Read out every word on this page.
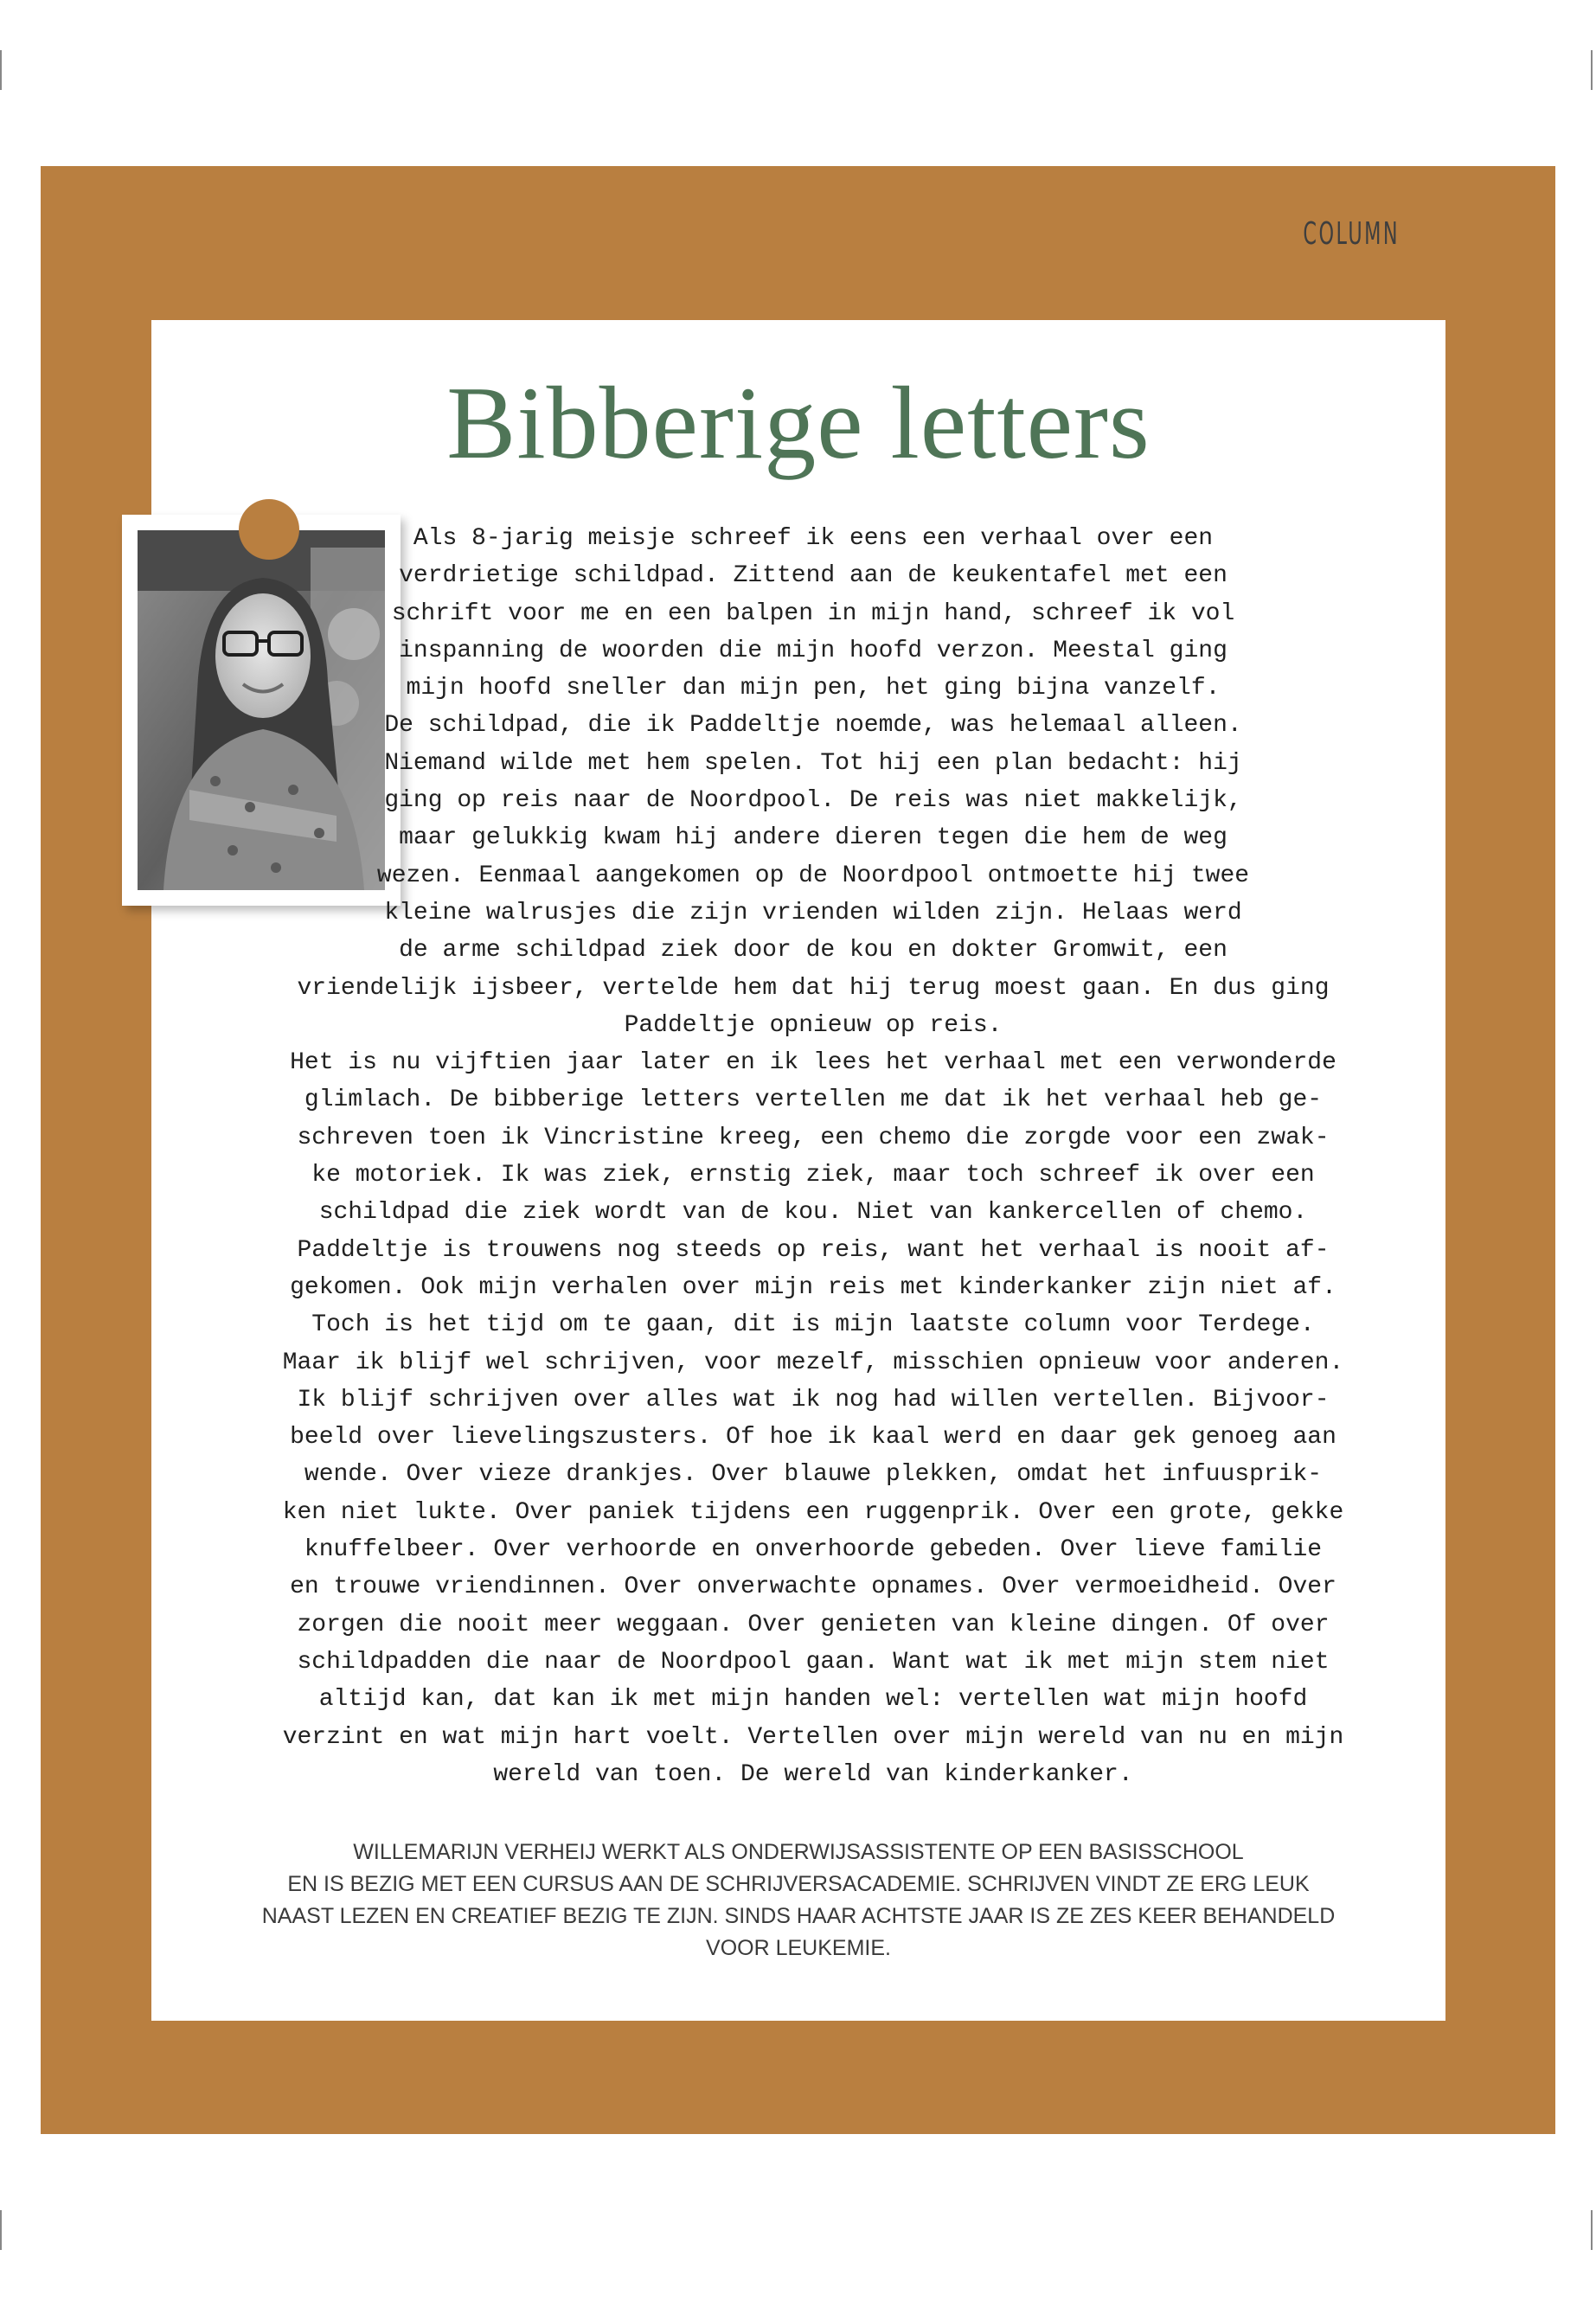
COLUMN
Bibberige letters
Als 8-jarig meisje schreef ik eens een verhaal over een
verdrietige schildpad. Zittend aan de keukentafel met een
schrift voor me en een balpen in mijn hand, schreef ik vol
inspanning de woorden die mijn hoofd verzon. Meestal ging
mijn hoofd sneller dan mijn pen, het ging bijna vanzelf.
De schildpad, die ik Paddeltje noemde, was helemaal alleen.
Niemand wilde met hem spelen. Tot hij een plan bedacht: hij
ging op reis naar de Noordpool. De reis was niet makkelijk,
maar gelukkig kwam hij andere dieren tegen die hem de weg
wezen. Eenmaal aangekomen op de Noordpool ontmoette hij twee
kleine walrusjes die zijn vrienden wilden zijn. Helaas werd
de arme schildpad ziek door de kou en dokter Gromwit, een
vriendelijk ijsbeer, vertelde hem dat hij terug moest gaan. En dus ging
Paddeltje opnieuw op reis.
Het is nu vijftien jaar later en ik lees het verhaal met een verwonderde
glimlach. De bibberige letters vertellen me dat ik het verhaal heb ge-
schreven toen ik Vincristine kreeg, een chemo die zorgde voor een zwak-
ke motoriek. Ik was ziek, ernstig ziek, maar toch schreef ik over een
schildpad die ziek wordt van de kou. Niet van kankercellen of chemo.
Paddeltje is trouwens nog steeds op reis, want het verhaal is nooit af-
gekomen. Ook mijn verhalen over mijn reis met kinderkanker zijn niet af.
Toch is het tijd om te gaan, dit is mijn laatste column voor Terdege.
Maar ik blijf wel schrijven, voor mezelf, misschien opnieuw voor anderen.
Ik blijf schrijven over alles wat ik nog had willen vertellen. Bijvoor-
beeld over lievelingszusters. Of hoe ik kaal werd en daar gek genoeg aan
wende. Over vieze drankjes. Over blauwe plekken, omdat het infuusprik-
ken niet lukte. Over paniek tijdens een ruggenprik. Over een grote, gekke
knuffelbeer. Over verhoorde en onverhoorde gebeden. Over lieve familie
en trouwe vriendinnen. Over onverwachte opnames. Over vermoeidheid. Over
zorgen die nooit meer weggaan. Over genieten van kleine dingen. Of over
schildpadden die naar de Noordpool gaan. Want wat ik met mijn stem niet
altijd kan, dat kan ik met mijn handen wel: vertellen wat mijn hoofd
verzint en wat mijn hart voelt. Vertellen over mijn wereld van nu en mijn
wereld van toen. De wereld van kinderkanker.
WILLEMARIJN VERHEIJ WERKT ALS ONDERWIJSASSISTENTE OP EEN BASISSCHOOL
EN IS BEZIG MET EEN CURSUS AAN DE SCHRIJVERSACADEMIE. SCHRIJVEN VINDT ZE ERG LEUK
NAAST LEZEN EN CREATIEF BEZIG TE ZIJN. SINDS HAAR ACHTSTE JAAR IS ZE ZES KEER BEHANDELD
VOOR LEUKEMIE.
